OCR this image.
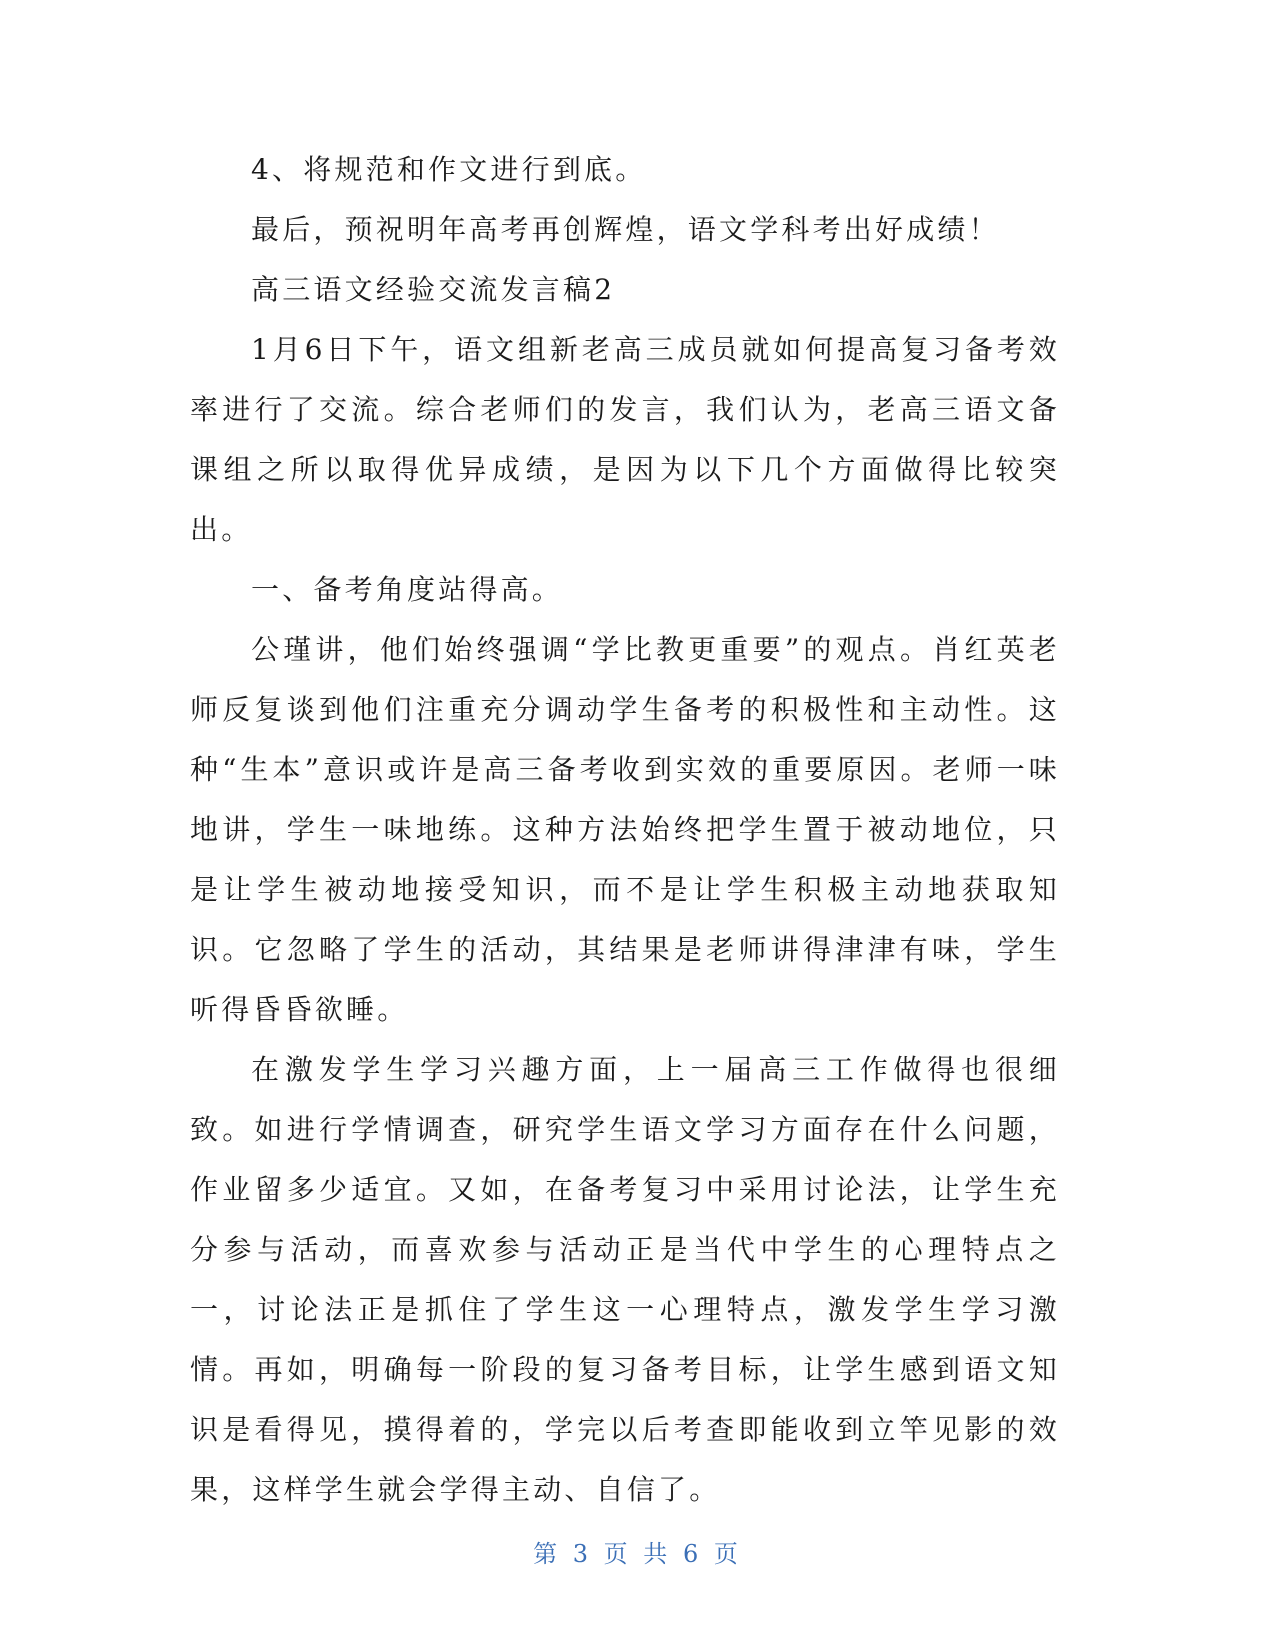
4、将规范和作文进行到底。

最后，预祝明年高考再创辉煌，语文学科考出好成绩！

高三语文经验交流发言稿2

1月6日下午，语文组新老高三成员就如何提高复习备考效率进行了交流。综合老师们的发言，我们认为，老高三语文备课组之所以取得优异成绩，是因为以下几个方面做得比较突出。

一、备考角度站得高。

公瑾讲，他们始终强调“学比教更重要”的观点。肖红英老师反复谈到他们注重充分调动学生备考的积极性和主动性。这种“生本”意识或许是高三备考收到实效的重要原因。老师一味地讲，学生一味地练。这种方法始终把学生置于被动地位，只是让学生被动地接受知识，而不是让学生积极主动地获取知识。它忽略了学生的活动，其结果是老师讲得津津有味，学生听得昏昏欲睡。

在激发学生学习兴趣方面，上一届高三工作做得也很细致。如进行学情调查，研究学生语文学习方面存在什么问题，作业留多少适宜。又如，在备考复习中采用讨论法，让学生充分参与活动，而喜欢参与活动正是当代中学生的心理特点之一，讨论法正是抓住了学生这一心理特点，激发学生学习激情。再如，明确每一阶段的复习备考目标，让学生感到语文知识是看得见，摸得着的，学完以后考查即能收到立竿见影的效果，这样学生就会学得主动、自信了。

第 3 页 共 6 页
